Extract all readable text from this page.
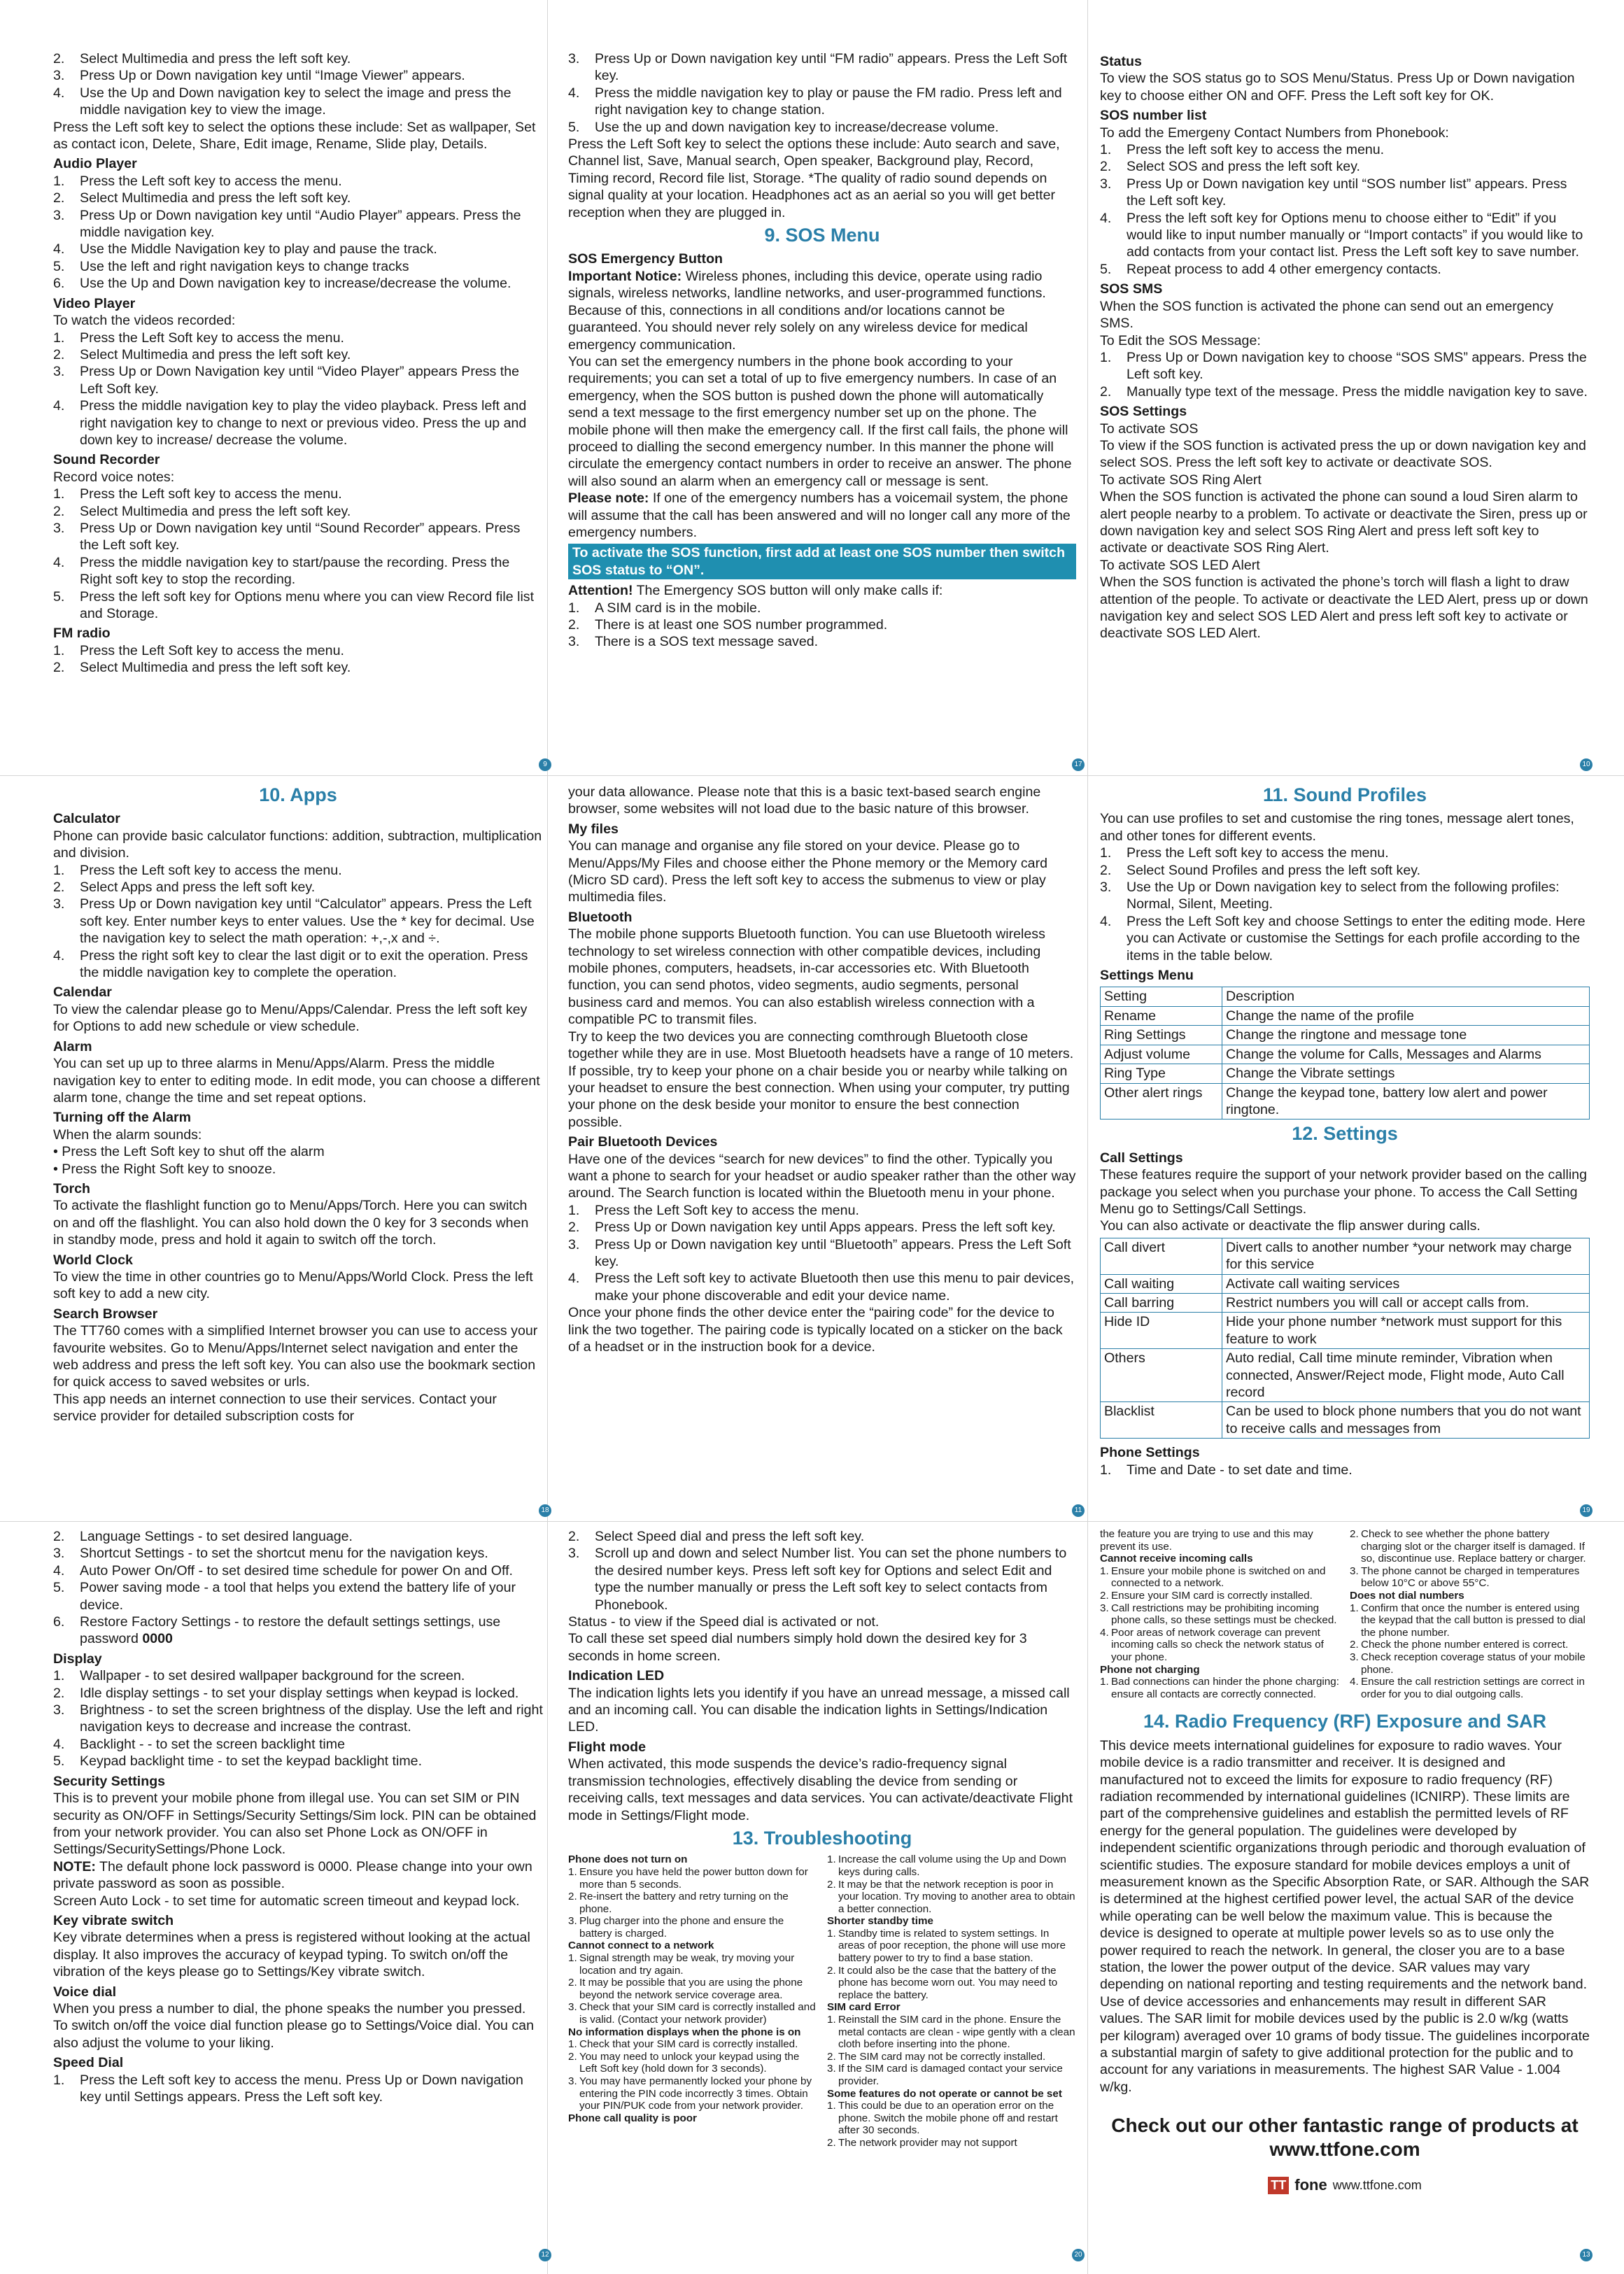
2. Select Multimedia and press the left soft key.
3. Press Up or Down navigation key until “Image Viewer” appears.
4. Use the Up and Down navigation key to select the image and press the middle navigation key to view the image.

Press the Left soft key to select the options these include: Set as wallpaper, Set as contact icon, Delete, Share, Edit image, Rename, Slide play, Details.

Audio Player

1. Press the Left soft key to access the menu.
2. Select Multimedia and press the left soft key.
3. Press Up or Down navigation key until “Audio Player” appears. Press the middle navigation key.
4. Use the Middle Navigation key to play and pause the track.
5. Use the left and right navigation keys to change tracks
6. Use the Up and Down navigation key to increase/decrease the volume.

Video Player

To watch the videos recorded:

1. Press the Left Soft key to access the menu.
2. Select Multimedia and press the left soft key.
3. Press Up or Down Navigation key until “Video Player” appears Press the Left Soft key.
4. Press the middle navigation key to play the video playback. Press left and right navigation key to change to next or previous video. Press the up and down key to increase/ decrease the volume.

Sound Recorder

Record voice notes:

1. Press the Left soft key to access the menu.
2. Select Multimedia and press the left soft key.
3. Press Up or Down navigation key until “Sound Recorder” appears. Press the Left soft key.
4. Press the middle navigation key to start/pause the recording. Press the Right soft key to stop the recording.
5. Press the left soft key for Options menu where you can view Record file list and Storage.

FM radio

1. Press the Left Soft key to access the menu.
2. Select Multimedia and press the left soft key.
9
3. Press Up or Down navigation key until “FM radio” appears. Press the Left Soft key.
4. Press the middle navigation key to play or pause the FM radio. Press left and right navigation key to change station.
5. Use the up and down navigation key to increase/decrease volume.

Press the Left Soft key to select the options these include: Auto search and save, Channel list, Save, Manual search, Open speaker, Background play, Record, Timing record, Record file list, Storage. *The quality of radio sound depends on signal quality at your location. Headphones act as an aerial so you will get better reception when they are plugged in.

9. SOS Menu

SOS Emergency Button

Important Notice: Wireless phones, including this device, operate using radio signals, wireless networks, landline networks, and user-programmed functions. Because of this, connections in all conditions and/or locations cannot be guaranteed. You should never rely solely on any wireless device for medical emergency communication.

You can set the emergency numbers in the phone book according to your requirements; you can set a total of up to five emergency numbers. In case of an emergency, when the SOS button is pushed down the phone will automatically send a text message to the first emergency number set up on the phone. The mobile phone will then make the emergency call. If the first call fails, the phone will proceed to dialling the second emergency number. In this manner the phone will circulate the emergency contact numbers in order to receive an answer. The phone will also sound an alarm when an emergency call or message is sent.

Please note: If one of the emergency numbers has a voicemail system, the phone will assume that the call has been answered and will no longer call any more of the emergency numbers.

To activate the SOS function, first add at least one SOS number then switch SOS status to “ON”.

Attention! The Emergency SOS button will only make calls if:

1. A SIM card is in the mobile.
2. There is at least one SOS number programmed.
3. There is a SOS text message saved.
17

Status

To view the SOS status go to SOS Menu/Status. Press Up or Down navigation key to choose either ON and OFF. Press the Left soft key for OK.

SOS number list

To add the Emergeny Contact Numbers from Phonebook:

1. Press the left soft key to access the menu.
2. Select SOS and press the left soft key.
3. Press Up or Down navigation key until “SOS number list” appears. Press the Left soft key.
4. Press the left soft key for Options menu to choose either to “Edit” if you would like to input number manually or “Import contacts” if you would like to add contacts from your contact list. Press the Left soft key to save number.
5. Repeat process to add 4 other emergency contacts.

SOS SMS

When the SOS function is activated the phone can send out an emergency SMS.

To Edit the SOS Message:

1. Press Up or Down navigation key to choose “SOS SMS” appears. Press the Left soft key.
2. Manually type text of the message. Press the middle navigation key to save.

SOS Settings

To activate SOS

To view if the SOS function is activated press the up or down navigation key and select SOS. Press the left soft key to activate or deactivate SOS.

To activate SOS Ring Alert

When the SOS function is activated the phone can sound a loud Siren alarm to alert people nearby to a problem. To activate or deactivate the Siren, press up or down navigation key and select SOS Ring Alert and press left soft key to activate or deactivate SOS Ring Alert.

To activate SOS LED Alert

When the SOS function is activated the phone’s torch will flash a light to draw attention of the people. To activate or deactivate the LED Alert, press up or down navigation key and select SOS LED Alert and press left soft key to activate or deactivate SOS LED Alert.

10
10. Apps

Calculator

Phone can provide basic calculator functions: addition, subtraction, multiplication and division.

1. Press the Left soft key to access the menu.
2. Select Apps and press the left soft key.
3. Press Up or Down navigation key until “Calculator” appears. Press the Left soft key. Enter number keys to enter values. Use the * key for decimal. Use the navigation key to select the math operation: +,-,x and ÷.
4. Press the right soft key to clear the last digit or to exit the operation. Press the middle navigation key to complete the operation.

Calendar

To view the calendar please go to Menu/Apps/Calendar. Press the left soft key for Options to add new schedule or view schedule.

Alarm

You can set up up to three alarms in Menu/Apps/Alarm. Press the middle navigation key to enter to editing mode. In edit mode, you can choose a different alarm tone, change the time and set repeat options.

Turning off the Alarm

When the alarm sounds:

• Press the Left Soft key to shut off the alarm

• Press the Right Soft key to snooze.

Torch

To activate the flashlight function go to Menu/Apps/Torch. Here you can switch on and off the flashlight. You can also hold down the 0 key for 3 seconds when in standby mode, press and hold it again to switch off the torch.

World Clock

To view the time in other countries go to Menu/Apps/World Clock. Press the left soft key to add a new city.

Search Browser

The TT760 comes with a simplified Internet browser you can use to access your favourite websites. Go to Menu/Apps/Internet select navigation and enter the web address and press the left soft key. You can also use the bookmark section for quick access to saved websites or urls.

This app needs an internet connection to use their services. Contact your service provider for detailed subscription costs for

18

your data allowance. Please note that this is a basic text-based search engine browser, some websites will not load due to the basic nature of this browser.

My files

You can manage and organise any file stored on your device. Please go to Menu/Apps/My Files and choose either the Phone memory or the Memory card (Micro SD card). Press the left soft key to access the submenus to view or play multimedia files.

Bluetooth

The mobile phone supports Bluetooth function. You can use Bluetooth wireless technology to set wireless connection with other compatible devices, including mobile phones, computers, headsets, in-car accessories etc. With Bluetooth function, you can send photos, video segments, audio segments, personal business card and memos. You can also establish wireless connection with a compatible PC to transmit files.

Try to keep the two devices you are connecting comthrough Bluetooth close together while they are in use. Most Bluetooth headsets have a range of 10 meters. If possible, try to keep your phone on a chair beside you or nearby while talking on your headset to ensure the best connection. When using your computer, try putting your phone on the desk beside your monitor to ensure the best connection possible.

Pair Bluetooth Devices

Have one of the devices “search for new devices” to find the other. Typically you want a phone to search for your headset or audio speaker rather than the other way around. The Search function is located within the Bluetooth menu in your phone.

1. Press the Left Soft key to access the menu.
2. Press Up or Down navigation key until Apps appears. Press the left soft key.
3. Press Up or Down navigation key until “Bluetooth” appears. Press the Left Soft key.
4. Press the Left soft key to activate Bluetooth then use this menu to pair devices, make your phone discoverable and edit your device name.

Once your phone finds the other device enter the “pairing code” for the device to link the two together. The pairing code is typically located on a sticker on the back of a headset or in the instruction book for a device.

11
11. Sound Profiles

You can use profiles to set and customise the ring tones, message alert tones, and other tones for different events.

1. Press the Left soft key to access the menu.
2. Select Sound Profiles and press the left soft key.
3. Use the Up or Down navigation key to select from the following profiles: Normal, Silent, Meeting.
4. Press the Left Soft key and choose Settings to enter the editing mode. Here you can Activate or customise the Settings for each profile according to the items in the table below.

Settings Menu

Setting	Description
Rename	Change the name of the profile
Ring Settings	Change the ringtone and message tone
Adjust volume	Change the volume for Calls, Messages and Alarms
Ring Type	Change the Vibrate settings
Other alert rings	Change the keypad tone, battery low alert and power ringtone.
12. Settings

Call Settings

These features require the support of your network provider based on the calling package you select when you purchase your phone. To access the Call Setting Menu go to Settings/Call Settings.

You can also activate or deactivate the flip answer during calls.

Call divert	Divert calls to another number *your network may charge for this service
Call waiting	Activate call waiting services
Call barring	Restrict numbers you will call or accept calls from.
Hide ID	Hide your phone number *network must support for this feature to work
Others	Auto redial, Call time minute reminder, Vibration when connected, Answer/Reject mode, Flight mode, Auto Call record
Blacklist	Can be used to block phone numbers that you do not want to receive calls and messages from

Phone Settings

1. Time and Date - to set date and time.
19
2. Language Settings - to set desired language.
3. Shortcut Settings - to set the shortcut menu for the navigation keys.
4. Auto Power On/Off - to set desired time schedule for power On and Off.
5. Power saving mode - a tool that helps you extend the battery life of your device.
6. Restore Factory Settings - to restore the default settings settings, use password 0000

Display

1. Wallpaper - to set desired wallpaper background for the screen.
2. Idle display settings - to set your display settings when keypad is locked.
3. Brightness - to set the screen brightness of the display. Use the left and right navigation keys to decrease and increase the contrast.
4. Backlight - - to set the screen backlight time
5. Keypad backlight time - to set the keypad backlight time.

Security Settings

This is to prevent your mobile phone from illegal use. You can set SIM or PIN security as ON/OFF in Settings/Security Settings/Sim lock. PIN can be obtained from your network provider. You can also set Phone Lock as ON/OFF in Settings/SecuritySettings/Phone Lock.

NOTE: The default phone lock password is 0000. Please change into your own private password as soon as possible.

Screen Auto Lock - to set time for automatic screen timeout and keypad lock.

Key vibrate switch

Key vibrate determines when a press is registered without looking at the actual display. It also improves the accuracy of keypad typing. To switch on/off the vibration of the keys please go to Settings/Key vibrate switch.

Voice dial

When you press a number to dial, the phone speaks the number you pressed. To switch on/off the voice dial function please go to Settings/Voice dial. You can also adjust the volume to your liking.

Speed Dial

1. Press the Left soft key to access the menu. Press Up or Down navigation key until Settings appears. Press the Left soft key.
12
2. Select Speed dial and press the left soft key.
3. Scroll up and down and select Number list. You can set the phone numbers to the desired number keys. Press left soft key for Options and select Edit and type the number manually or press the Left soft key to select contacts from Phonebook.

Status - to view if the Speed dial is activated or not.

To call these set speed dial numbers simply hold down the desired key for 3 seconds in home screen.

Indication LED

The indication lights lets you identify if you have an unread message, a missed call and an incoming call. You can disable the indication lights in Settings/Indication LED.

Flight mode

When activated, this mode suspends the device’s radio-frequency signal transmission technologies, effectively disabling the device from sending or receiving calls, text messages and data services. You can activate/deactivate Flight mode in Settings/Flight mode.

13. Troubleshooting

Phone does not turn on

1. Ensure you have held the power button down for more than 5 seconds.
2. Re-insert the battery and retry turning on the phone.
3. Plug charger into the phone and ensure the battery is charged.

Cannot connect to a network

1. Signal strength may be weak, try moving your location and try again.
2. It may be possible that you are using the phone beyond the network service coverage area.
3. Check that your SIM card is correctly installed and is valid. (Contact your network provider)

No information displays when the phone is on

1. Check that your SIM card is correctly installed.
2. You may need to unlock your keypad using the Left Soft key (hold down for 3 seconds).
3. You may have permanently locked your phone by entering the PIN code incorrectly 3 times. Obtain your PIN/PUK code from your network provider.

Phone call quality is poor

1. Increase the call volume using the Up and Down keys during calls.
2. It may be that the network reception is poor in your location. Try moving to another area to obtain a better connection.

Shorter standby time

1. Standby time is related to system settings. In areas of poor reception, the phone will use more battery power to try to find a base station.
2. It could also be the case that the battery of the phone has become worn out. You may need to replace the battery.

SIM card Error

1. Reinstall the SIM card in the phone. Ensure the metal contacts are clean - wipe gently with a clean cloth before inserting into the phone.
2. The SIM card may not be correctly installed.
3. If the SIM card is damaged contact your service provider.

Some features do not operate or cannot be set

1. This could be due to an operation error on the phone. Switch the mobile phone off and restart after 30 seconds.
2. The network provider may not support
20

the feature you are trying to use and this may prevent its use.

Cannot receive incoming calls

1. Ensure your mobile phone is switched on and connected to a network.
2. Ensure your SIM card is correctly installed.
3. Call restrictions may be prohibiting incoming phone calls, so these settings must be checked.
4. Poor areas of network coverage can prevent incoming calls so check the network status of your phone.

Phone not charging

1. Bad connections can hinder the phone charging: ensure all contacts are correctly connected.
2. Check to see whether the phone battery charging slot or the charger itself is damaged. If so, discontinue use. Replace battery or charger.
3. The phone cannot be charged in temperatures below 10°C or above 55°C.

Does not dial numbers

1. Confirm that once the number is entered using the keypad that the call button is pressed to dial the phone number.
2. Check the phone number entered is correct.
3. Check reception coverage status of your mobile phone.
4. Ensure the call restriction settings are correct in order for you to dial outgoing calls.
14. Radio Frequency (RF) Exposure and SAR

This device meets international guidelines for exposure to radio waves. Your mobile device is a radio transmitter and receiver. It is designed and manufactured not to exceed the limits for exposure to radio frequency (RF) radiation recommended by international guidelines (ICNIRP). These limits are part of the comprehensive guidelines and establish the permitted levels of RF energy for the general population. The guidelines were developed by independent scientific organizations through periodic and thorough evaluation of scientific studies. The exposure standard for mobile devices employs a unit of measurement known as the Specific Absorption Rate, or SAR. Although the SAR is determined at the highest certified power level, the actual SAR of the device while operating can be well below the maximum value. This is because the device is designed to operate at multiple power levels so as to use only the power required to reach the network. In general, the closer you are to a base station, the lower the power output of the device. SAR values may vary depending on national reporting and testing requirements and the network band. Use of device accessories and enhancements may result in different SAR values. The SAR limit for mobile devices used by the public is 2.0 w/kg (watts per kilogram) averaged over 10 grams of body tissue. The guidelines incorporate a substantial margin of safety to give additional protection for the public and to account for any variations in measurements. The highest SAR Value - 1.004 w/kg.

Check out our other fantastic range of products at
www.ttfone.com
TT fone www.ttfone.com
13
